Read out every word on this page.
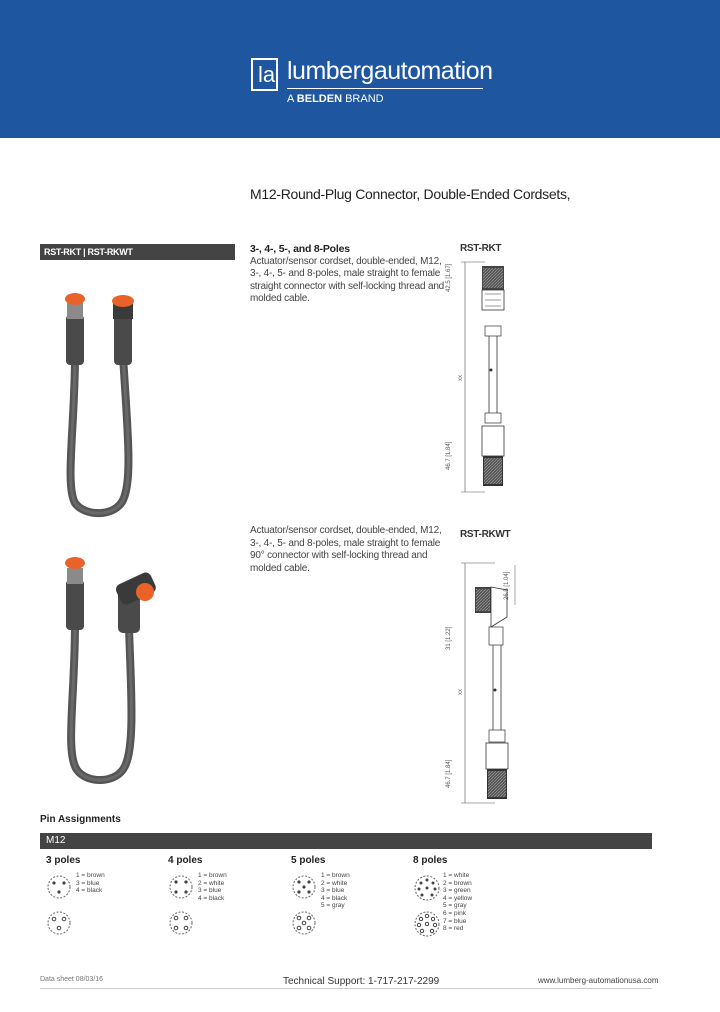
la lumbergautomation
A BELDEN BRAND
M12-Round-Plug Connector, Double-Ended Cordsets,
RST-RKT | RST-RKWT	3-, 4-, 5-, and 8-Poles
Actuator/sensor cordset, double-ended, M12, 3-, 4-, 5- and 8-poles, male straight to female straight connector with self-locking thread and molded cable.
RST-RKT
42.5 [1.67]
xx
46.7 [1.84]
Actuator/sensor cordset, double-ended, M12, 3-, 4-, 5- and 8-poles, male straight to female 90° connector with self-locking thread and molded cable.
RST-RKWT
26.5 [1.04]
31 [1.22]
xx
46.7 [1.84]
Pin Assignments
M12
3 poles
1 = brown
3 = blue
4 = black
4 poles
1 = brown
2 = white
3 = blue
4 = black
5 poles
1 = brown
2 = white
3 = blue
4 = black
5 = gray
8 poles
1 = white
2 = brown
3 = green
4 = yellow
5 = gray
6 = pink
7 = blue
8 = red
Data sheet 08/03/16	Technical Support: 1-717-217-2299	www.lumberg-automationusa.com
